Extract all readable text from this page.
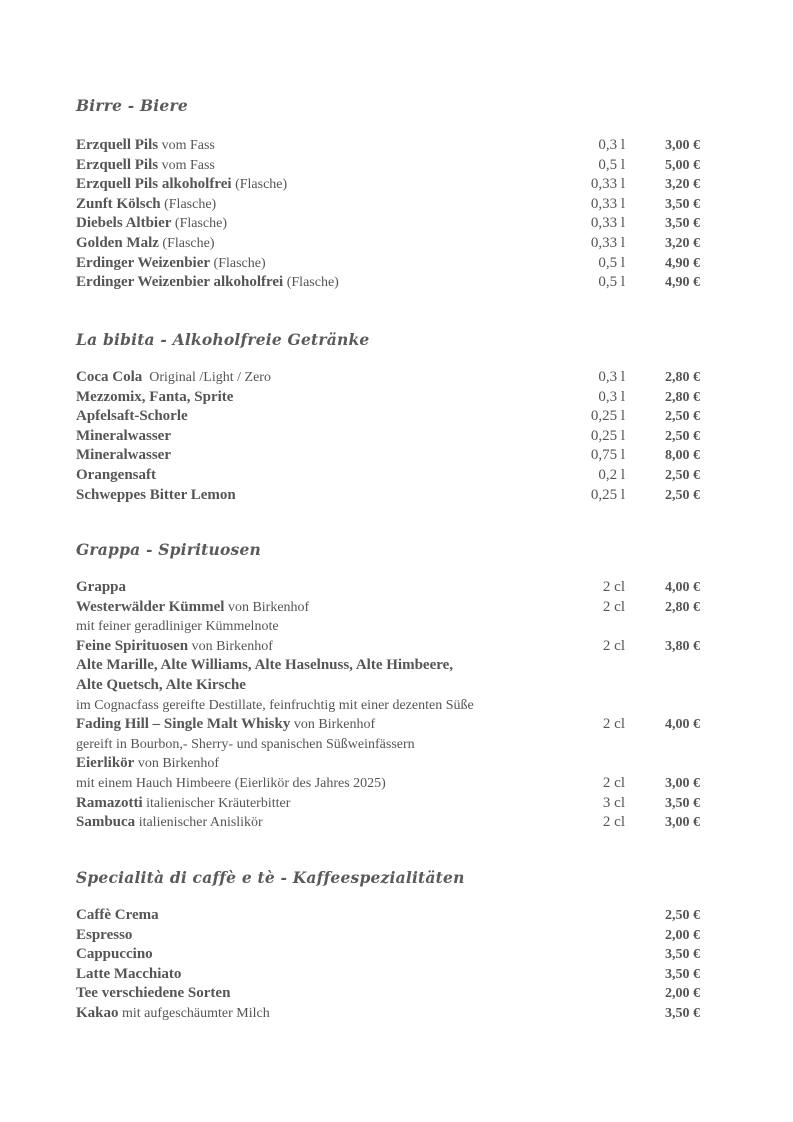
Birre - Biere
Erzquell Pils vom Fass	0,3 l	3,00 €
Erzquell Pils vom Fass	0,5 l	5,00 €
Erzquell Pils alkoholfrei (Flasche)	0,33 l	3,20 €
Zunft Kölsch (Flasche)	0,33 l	3,50 €
Diebels Altbier (Flasche)	0,33 l	3,50 €
Golden Malz (Flasche)	0,33 l	3,20 €
Erdinger Weizenbier (Flasche)	0,5 l	4,90 €
Erdinger Weizenbier alkoholfrei (Flasche)	0,5 l	4,90 €
La bibita - Alkoholfreie Getränke
Coca Cola  Original /Light / Zero	0,3 l	2,80 €
Mezzomix, Fanta, Sprite	0,3 l	2,80 €
Apfelsaft-Schorle	0,25 l	2,50 €
Mineralwasser	0,25 l	2,50 €
Mineralwasser	0,75 l	8,00 €
Orangensaft	0,2 l	2,50 €
Schweppes Bitter Lemon	0,25 l	2,50 €
Grappa - Spirituosen
Grappa	2 cl	4,00 €
Westerwälder Kümmel von Birkenhof	2 cl	2,80 €
mit feiner geradliniger Kümmelnote
Feine Spirituosen von Birkenhof	2 cl	3,80 €
Alte Marille, Alte Williams, Alte Haselnuss, Alte Himbeere,
Alte Quetsch, Alte Kirsche
im Cognacfass gereifte Destillate, feinfruchtig mit einer dezenten Süße
Fading Hill – Single Malt Whisky von Birkenhof	2 cl	4,00 €
gereift in Bourbon,- Sherry- und spanischen Süßweinfässern
Eierlikör von Birkenhof
mit einem Hauch Himbeere (Eierlikör des Jahres 2025)	2 cl	3,00 €
Ramazotti italienischer Kräuterbitter	3 cl	3,50 €
Sambuca italienischer Anislikör	2 cl	3,00 €
Specialità di caffè e tè - Kaffeespezialitäten
Caffè Crema	2,50 €
Espresso	2,00 €
Cappuccino	3,50 €
Latte Macchiato	3,50 €
Tee verschiedene Sorten	2,00 €
Kakao mit aufgeschäumter Milch	3,50 €
